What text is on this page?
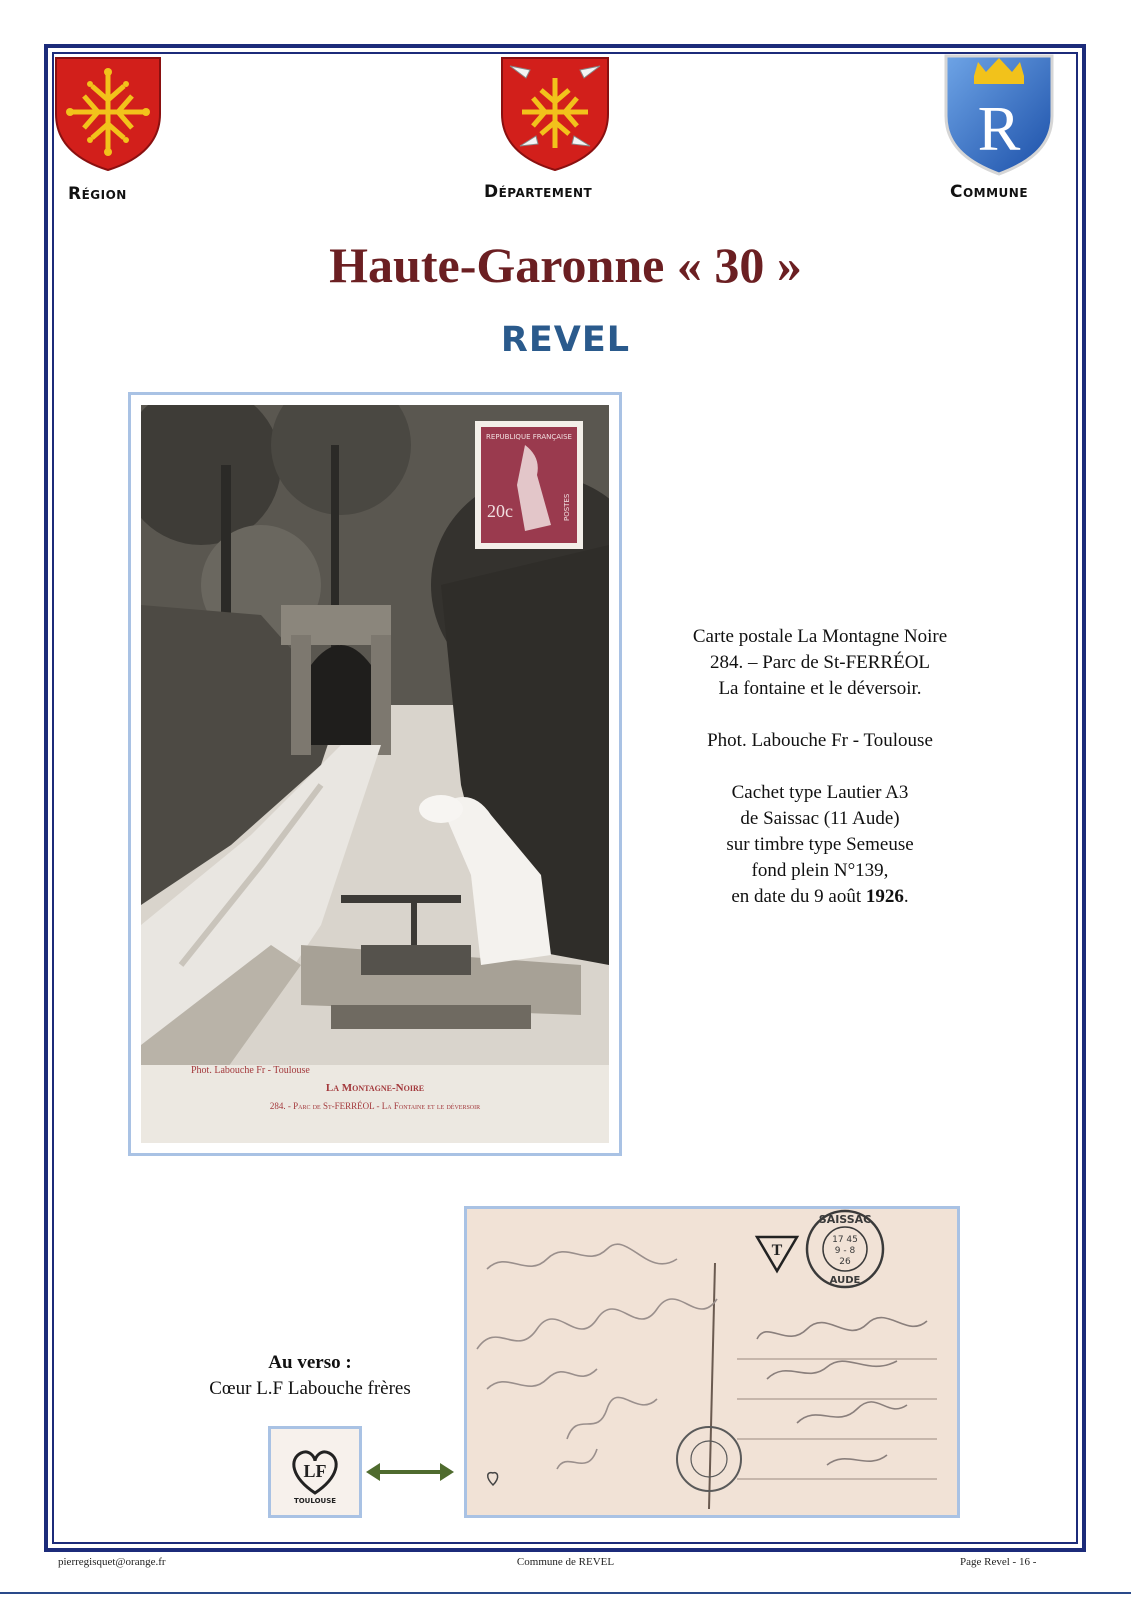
Région	Département
R
Commune
Haute-Garonne « 30 »
REVEL
Phot. Labouche Fr - Toulouse
La Montagne-Noire
284. - Parc de St-FERRÉOL - La Fontaine et le déversoir
REPUBLIQUE FRANÇAISE
20c	POSTES

Carte postale La Montagne Noire

284. – Parc de St-FERRÉOL

La fontaine et le déversoir.

Phot. Labouche Fr - Toulouse

Cachet type Lautier A3

de Saissac (11 Aude)

sur timbre type Semeuse

fond plein N°139,

en date du 9 août 1926.

Au verso :
Cœur L.F Labouche frères
LF
TOULOUSE
SAISSAC
17 45
9 - 8
26
AUDE
T
pierregisquet@orange.fr	Commune de REVEL	Page Revel - 16 -
